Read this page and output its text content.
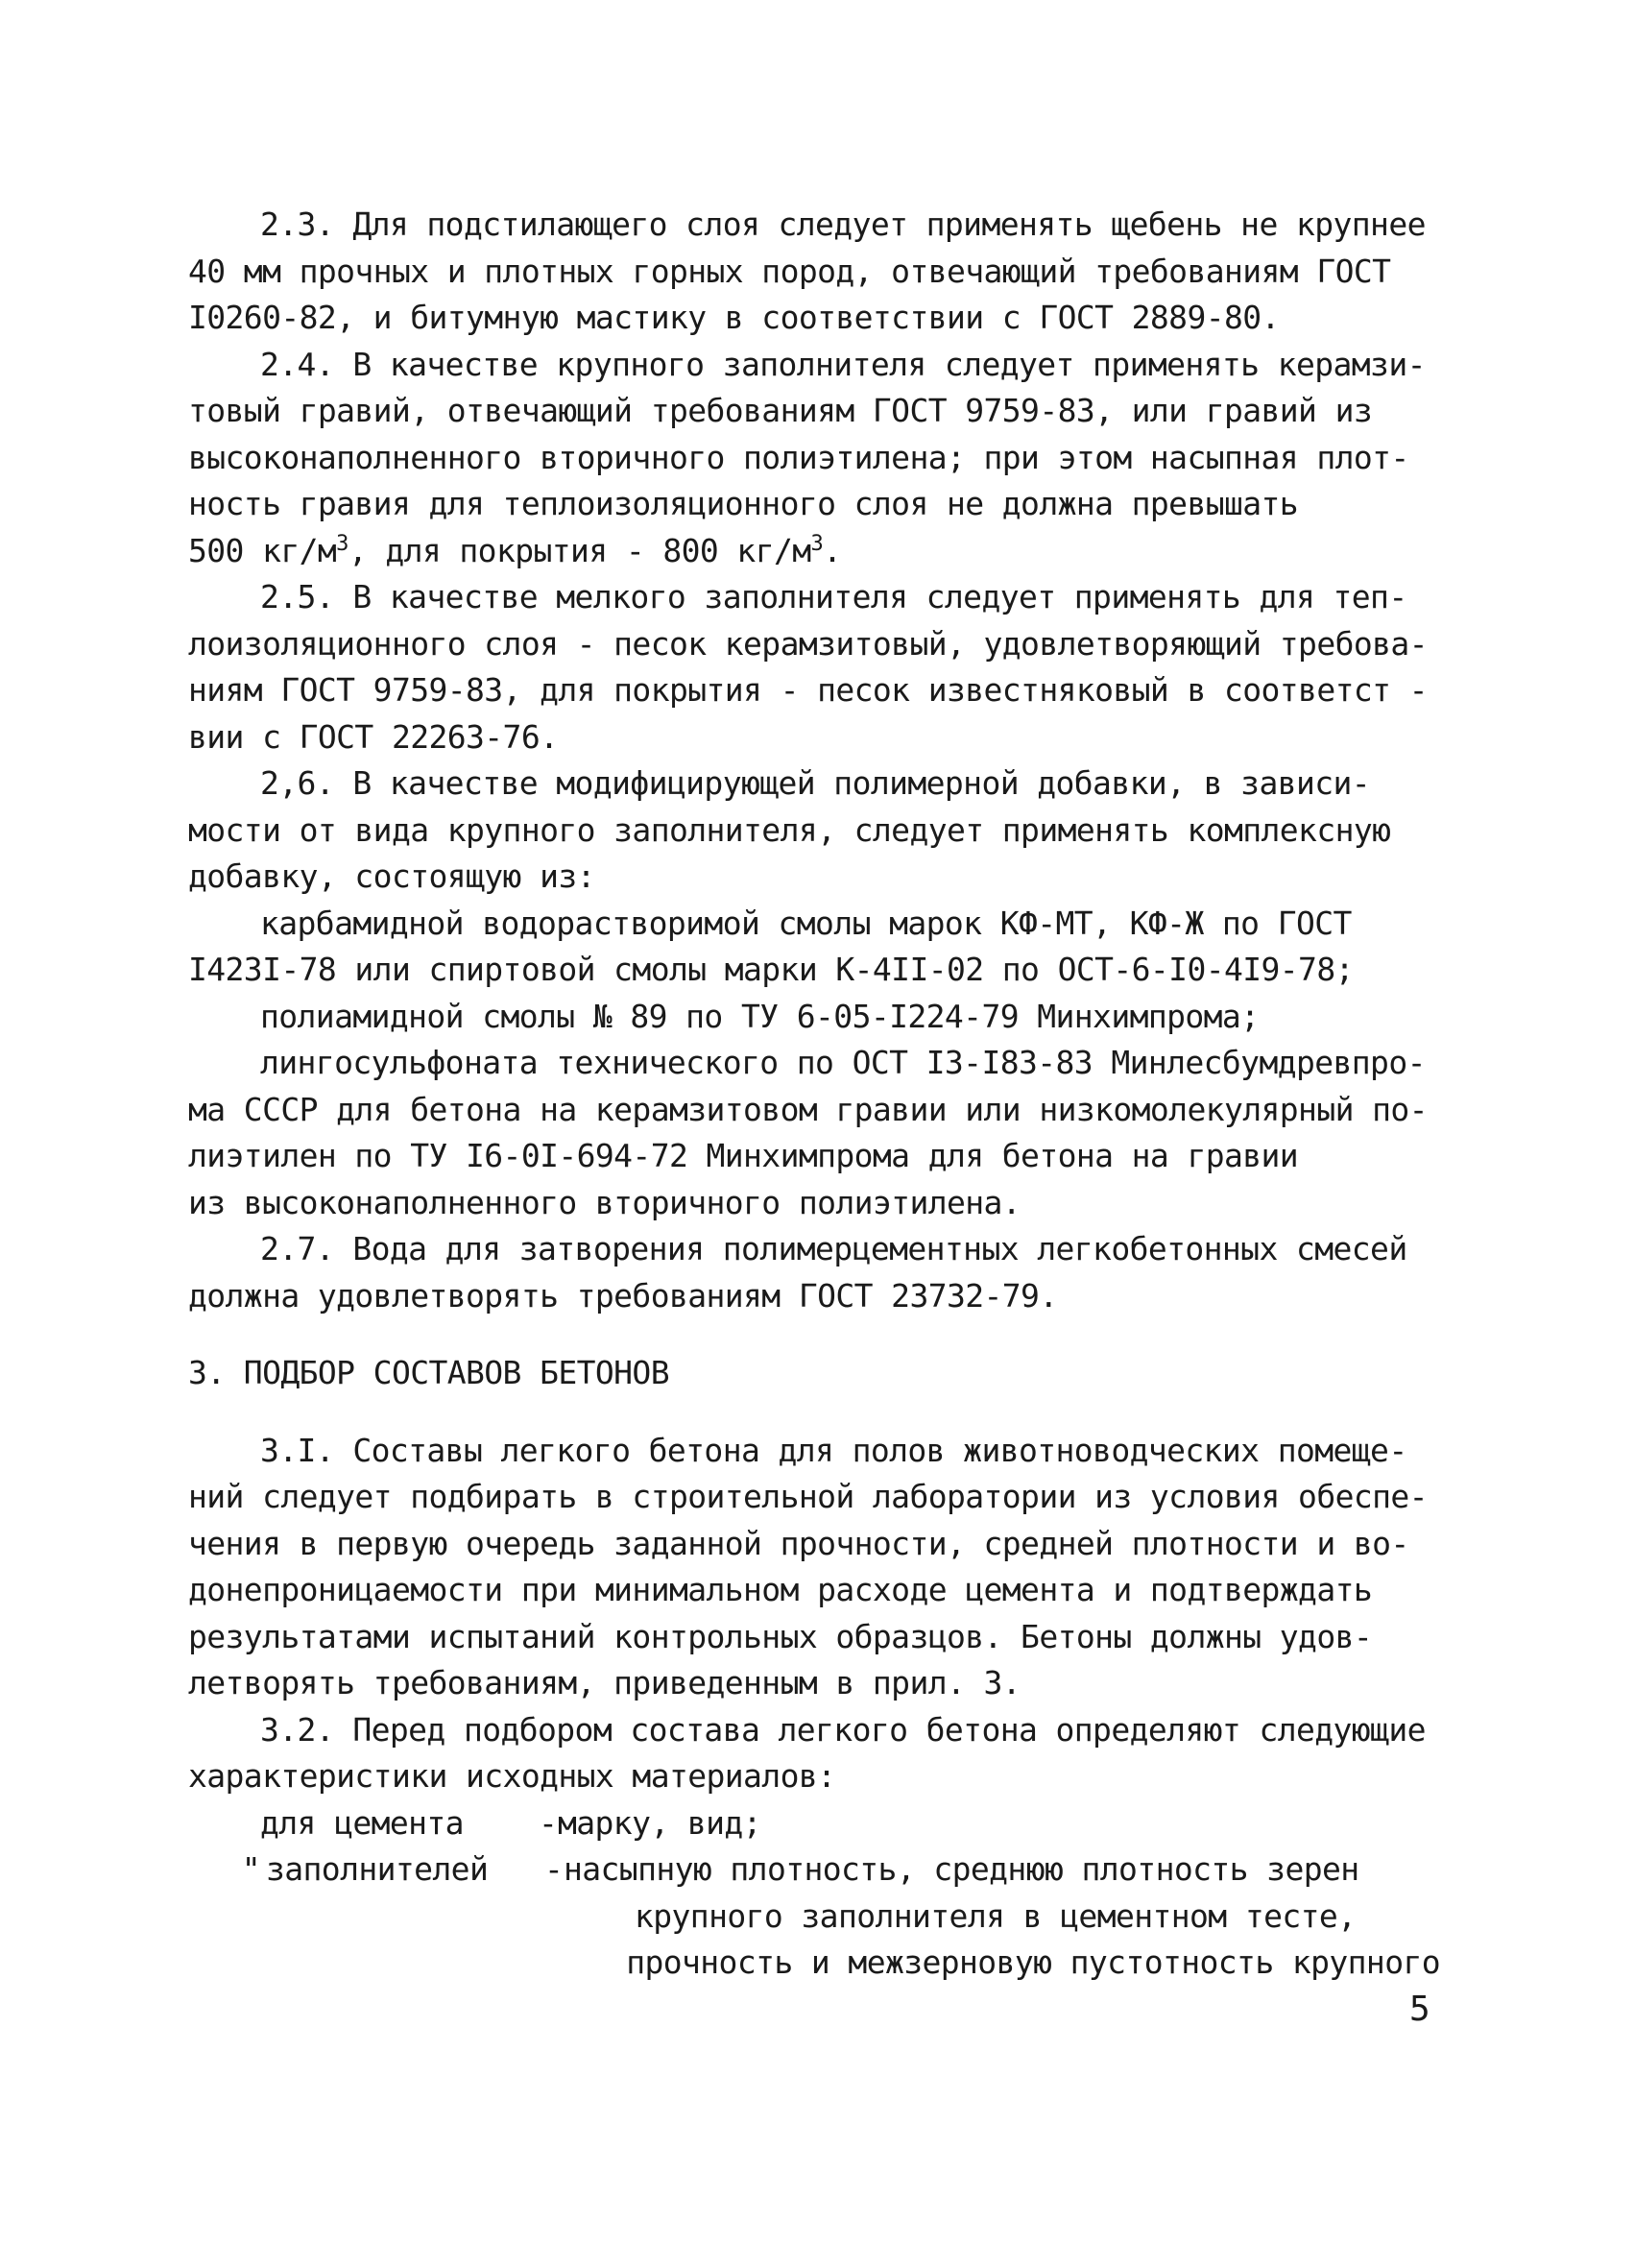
2.3. Для подстилающего слоя следует применять щебень не крупнее
40 мм прочных и плотных горных пород, отвечающий требованиям ГОСТ
I0260-82, и битумную мастику в соответствии с ГОСТ 2889-80.
2.4. В качестве крупного заполнителя следует применять керамзи-
товый гравий, отвечающий требованиям ГОСТ 9759-83, или гравий из
высоконаполненного вторичного полиэтилена; при этом насыпная плот-
ность гравия для теплоизоляционного слоя не должна превышать
500 $кг/м^3$, для покрытия - 800 $кг/м^3$.
2.5. В качестве мелкого заполнителя следует применять для теп-
лоизоляционного слоя - песок керамзитовый, удовлетворяющий требова-
ниям ГОСТ 9759-83, для покрытия - песок известняковый в соответст -
вии с ГОСТ 22263-76.
2,6. В качестве модифицирующей полимерной добавки, в зависи-
мости от вида крупного заполнителя, следует применять комплексную
добавку, состоящую из:
карбамидной водорастворимой смолы марок КФ-МТ, КФ-Ж по ГОСТ
I423I-78 или спиртовой смолы марки К-4II-02 по ОСТ-6-I0-4I9-78;
полиамидной смолы № 89 по ТУ 6-05-I224-79 Минхимпрома;
лингосульфоната технического по ОСТ I3-I83-83 Минлесбумдревпро-
ма СССР для бетона на керамзитовом гравии или низкомолекулярный по-
лиэтилен по ТУ I6-0I-694-72 Минхимпрома для бетона на гравии
из высоконаполненного вторичного полиэтилена.
2.7. Вода для затворения полимерцементных легкобетонных смесей
должна удовлетворять требованиям ГОСТ 23732-79.
3. ПОДБОР СОСТАВОВ БЕТОНОВ
3.I. Составы легкого бетона для полов животноводческих помеще-
ний следует подбирать в строительной лаборатории из условия обеспе-
чения в первую очередь заданной прочности, средней плотности и во-
донепроницаемости при минимальном расходе цемента и подтверждать
результатами испытаний контрольных образцов. Бетоны должны удов-
летворять требованиям, приведенным в прил. 3.
3.2. Перед подбором состава легкого бетона определяют следующие
характеристики исходных материалов:
для цемента	- марку, вид;
" заполнителей	- насыпную плотность, среднюю плотность зерен
крупного заполнителя в цементном тесте,
прочность и межзерновую пустотность крупного
5
